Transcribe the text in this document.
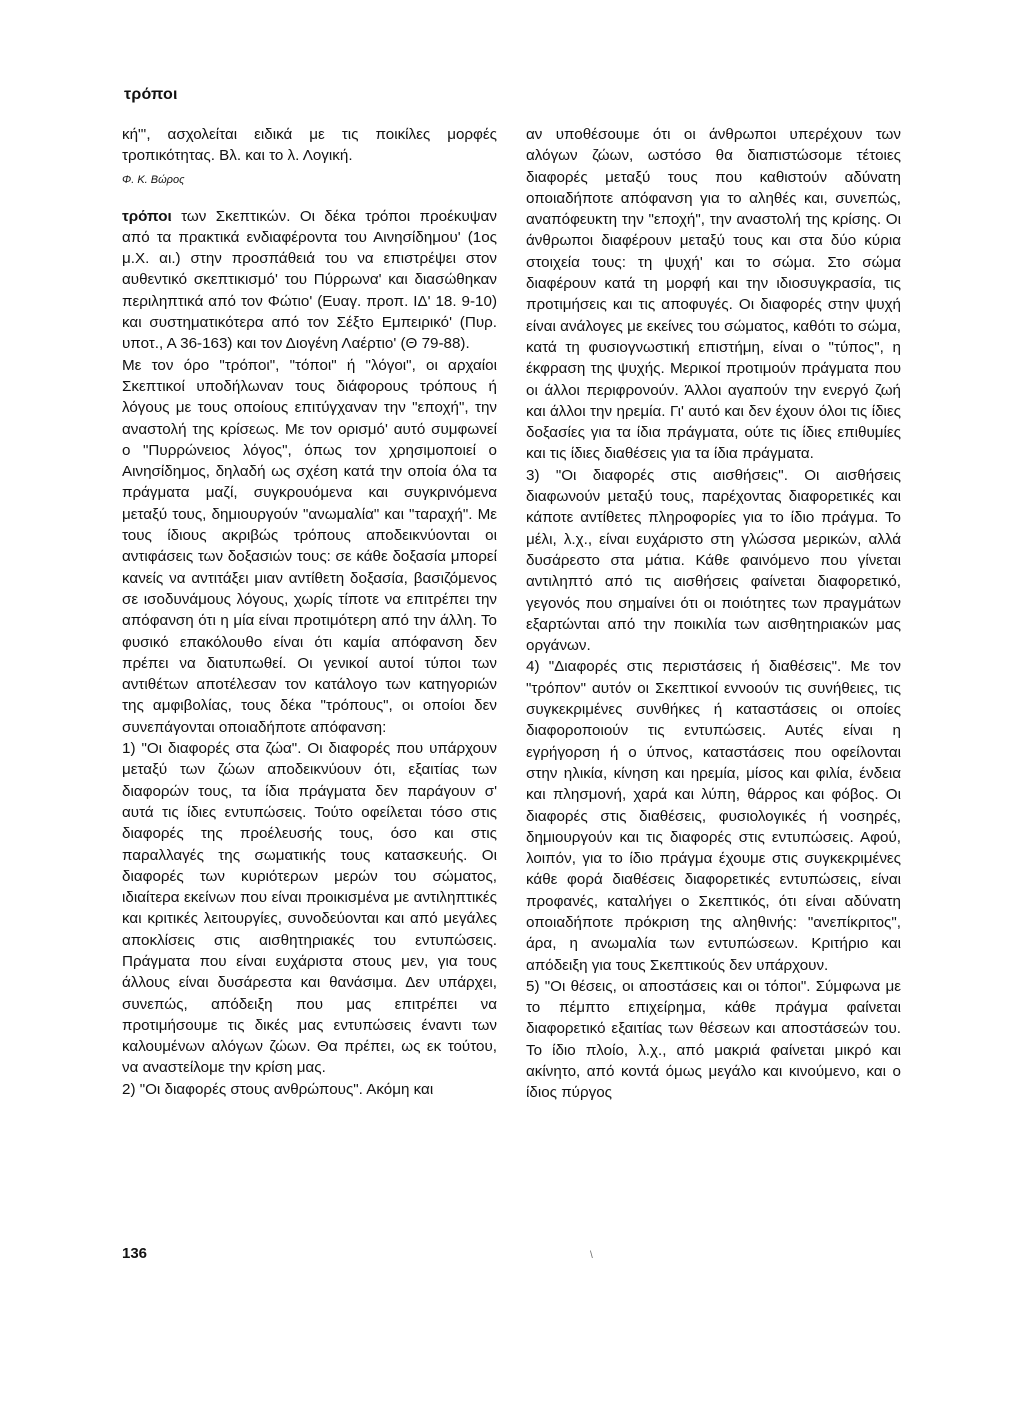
τρόποι

κή"', ασχολείται ειδικά με τις ποικίλες μορφές τροπικότητας. Βλ. και το λ. Λογική.

Φ. Κ. Βώρος

τρόποι των Σκεπτικών. Οι δέκα τρόποι προέκυψαν από τα πρακτικά ενδιαφέροντα του Αινησίδημου' (1ος μ.Χ. αι.) στην προσπάθειά του να επιστρέψει στον αυθεντικό σκεπτικισμό' του Πύρρωνα' και διασώθηκαν περιληπτικά από τον Φώτιο' (Ευαγ. προπ. ΙΔ' 18. 9-10) και συστηματικότερα από τον Σέξτο Εμπειρικό' (Πυρ. υποτ., Α 36-163) και τον Διογένη Λαέρτιο' (Θ 79-88).

Με τον όρο "τρόποι", "τόποι" ή "λόγοι", οι αρχαίοι Σκεπτικοί υποδήλωναν τους διάφορους τρόπους ή λόγους με τους οποίους επιτύγχαναν την "εποχή", την αναστολή της κρίσεως. Με τον ορισμό' αυτό συμφωνεί ο "Πυρρώνειος λόγος", όπως τον χρησιμοποιεί ο Αινησίδημος, δηλαδή ως σχέση κατά την οποία όλα τα πράγματα μαζί, συγκρουόμενα και συγκρινόμενα μεταξύ τους, δημιουργούν "ανωμαλία" και "ταραχή". Με τους ίδιους ακριβώς τρόπους αποδεικνύονται οι αντιφάσεις των δοξασιών τους: σε κάθε δοξασία μπορεί κανείς να αντιτάξει μιαν αντίθετη δοξασία, βασιζόμενος σε ισοδυνάμους λόγους, χωρίς τίποτε να επιτρέπει την απόφανση ότι η μία είναι προτιμότερη από την άλλη. Το φυσικό επακόλουθο είναι ότι καμία απόφανση δεν πρέπει να διατυπωθεί. Οι γενικοί αυτοί τύποι των αντιθέτων αποτέλεσαν τον κατάλογο των κατηγοριών της αμφιβολίας, τους δέκα "τρόπους", οι οποίοι δεν συνεπάγονται οποιαδήποτε απόφανση:

1) "Οι διαφορές στα ζώα". Οι διαφορές που υπάρχουν μεταξύ των ζώων αποδεικνύουν ότι, εξαιτίας των διαφορών τους, τα ίδια πράγματα δεν παράγουν σ' αυτά τις ίδιες εντυπώσεις. Τούτο οφείλεται τόσο στις διαφορές της προέλευσής τους, όσο και στις παραλλαγές της σωματικής τους κατασκευής. Οι διαφορές των κυριότερων μερών του σώματος, ιδιαίτερα εκείνων που είναι προικισμένα με αντιληπτικές και κριτικές λειτουργίες, συνοδεύονται και από μεγάλες αποκλίσεις στις αισθητηριακές του εντυπώσεις. Πράγματα που είναι ευχάριστα στους μεν, για τους άλλους είναι δυσάρεστα και θανάσιμα. Δεν υπάρχει, συνεπώς, απόδειξη που μας επιτρέπει να προτιμήσουμε τις δικές μας εντυπώσεις έναντι των καλουμένων αλόγων ζώων. Θα πρέπει, ως εκ τούτου, να αναστείλομε την κρίση μας.

2) "Οι διαφορές στους ανθρώπους". Ακόμη και

αν υποθέσουμε ότι οι άνθρωποι υπερέχουν των αλόγων ζώων, ωστόσο θα διαπιστώσομε τέτοιες διαφορές μεταξύ τους που καθιστούν αδύνατη οποιαδήποτε απόφανση για το αληθές και, συνεπώς, αναπόφευκτη την "εποχή", την αναστολή της κρίσης. Οι άνθρωποι διαφέρουν μεταξύ τους και στα δύο κύρια στοιχεία τους: τη ψυχή' και το σώμα. Στο σώμα διαφέρουν κατά τη μορφή και την ιδιοσυγκρασία, τις προτιμήσεις και τις αποφυγές. Οι διαφορές στην ψυχή είναι ανάλογες με εκείνες του σώματος, καθότι το σώμα, κατά τη φυσιογνωστική επιστήμη, είναι ο "τύπος", η έκφραση της ψυχής. Μερικοί προτιμούν πράγματα που οι άλλοι περιφρονούν. Άλλοι αγαπούν την ενεργό ζωή και άλλοι την ηρεμία. Γι' αυτό και δεν έχουν όλοι τις ίδιες δοξασίες για τα ίδια πράγματα, ούτε τις ίδιες επιθυμίες και τις ίδιες διαθέσεις για τα ίδια πράγματα.

3) "Οι διαφορές στις αισθήσεις". Οι αισθήσεις διαφωνούν μεταξύ τους, παρέχοντας διαφορετικές και κάποτε αντίθετες πληροφορίες για το ίδιο πράγμα. Το μέλι, λ.χ., είναι ευχάριστο στη γλώσσα μερικών, αλλά δυσάρεστο στα μάτια. Κάθε φαινόμενο που γίνεται αντιληπτό από τις αισθήσεις φαίνεται διαφορετικό, γεγονός που σημαίνει ότι οι ποιότητες των πραγμάτων εξαρτώνται από την ποικιλία των αισθητηριακών μας οργάνων.

4) "Διαφορές στις περιστάσεις ή διαθέσεις". Με τον "τρόπον" αυτόν οι Σκεπτικοί εννοούν τις συνήθειες, τις συγκεκριμένες συνθήκες ή καταστάσεις οι οποίες διαφοροποιούν τις εντυπώσεις. Αυτές είναι η εγρήγορση ή ο ύπνος, καταστάσεις που οφείλονται στην ηλικία, κίνηση και ηρεμία, μίσος και φιλία, ένδεια και πλησμονή, χαρά και λύπη, θάρρος και φόβος. Οι διαφορές στις διαθέσεις, φυσιολογικές ή νοσηρές, δημιουργούν και τις διαφορές στις εντυπώσεις. Αφού, λοιπόν, για το ίδιο πράγμα έχουμε στις συγκεκριμένες κάθε φορά διαθέσεις διαφορετικές εντυπώσεις, είναι προφανές, καταλήγει ο Σκεπτικός, ότι είναι αδύνατη οποιαδήποτε πρόκριση της αληθινής: "ανεπίκριτος", άρα, η ανωμαλία των εντυπώσεων. Κριτήριο και απόδειξη για τους Σκεπτικούς δεν υπάρχουν.

5) "Οι θέσεις, οι αποστάσεις και οι τόποι". Σύμφωνα με το πέμπτο επιχείρημα, κάθε πράγμα φαίνεται διαφορετικό εξαιτίας των θέσεων και αποστάσεών του. Το ίδιο πλοίο, λ.χ., από μακριά φαίνεται μικρό και ακίνητο, από κοντά όμως μεγάλο και κινούμενο, και ο ίδιος πύργος

136	\
